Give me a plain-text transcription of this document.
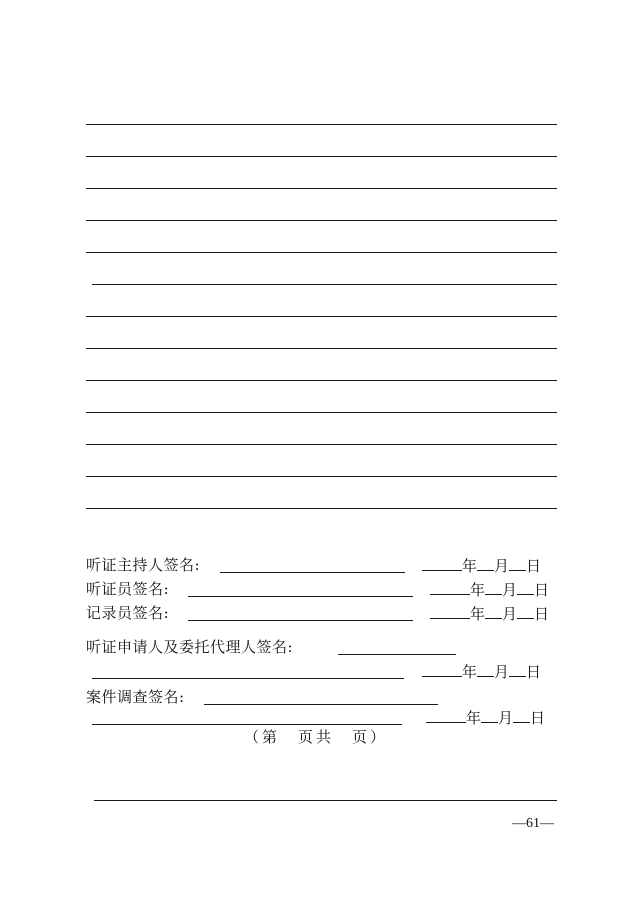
听证主持人签名:	年 月 日
听证员签名:	年 月 日
记录员签名:	年 月 日
听证申请人及委托代理人签名:
年 月 日
案件调查签名:
年 月 日
（第　页共　页）
—61—
